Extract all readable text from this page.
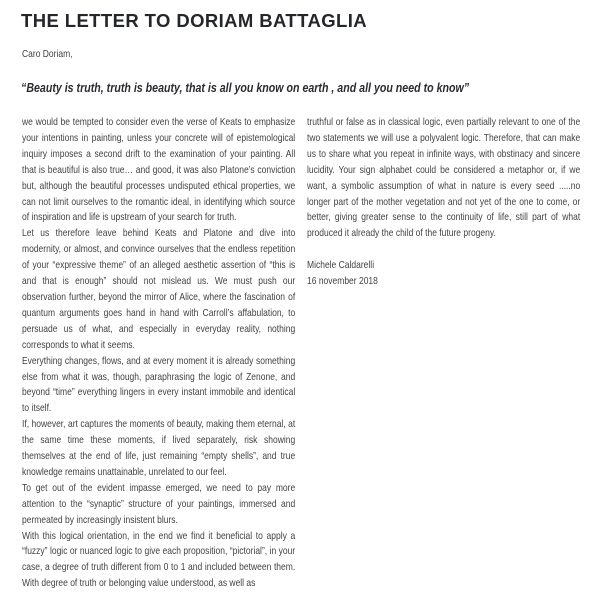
THE LETTER TO DORIAM BATTAGLIA

Caro Doriam,

“Beauty is truth, truth is beauty, that is all you know on earth , and all you need to know”

we would be tempted to consider even the verse of Keats to emphasize your intentions in painting, unless your concrete will of epistemological inquiry imposes a second drift to the examination of your painting. All that is beautiful is also true… and good, it was also Platone’s conviction but, although the beautiful processes undisputed ethical properties, we can not limit ourselves to the romantic ideal, in identifying which source of inspiration and life is upstream of your search for truth.

Let us therefore leave behind Keats and Platone and dive into modernity, or almost, and convince ourselves that the endless repetition of your “expressive theme” of an alleged aesthetic assertion of “this is and that is enough” should not mislead us. We must push our observation further, beyond the mirror of Alice, where the fascination of quantum arguments goes hand in hand with Carroll’s affabulation, to persuade us of what, and especially in everyday reality, nothing corresponds to what it seems.

Everything changes, flows, and at every moment it is already something else from what it was, though, paraphrasing the logic of Zenone, and beyond “time” everything lingers in every instant immobile and identical to itself.

If, however, art captures the moments of beauty, making them eternal, at the same time these moments, if lived separately, risk showing themselves at the end of life, just remaining “empty shells”, and true knowledge remains unattainable, unrelated to our feel.

To get out of the evident impasse emerged, we need to pay more attention to the “synaptic” structure of your paintings, immersed and permeated by increasingly insistent blurs.

With this logical orientation, in the end we find it beneficial to apply a “fuzzy” logic or nuanced logic to give each proposition, “pictorial”, in your case, a degree of truth different from 0 to 1 and included between them. With degree of truth or belonging value understood, as well as

truthful or false as in classical logic, even partially relevant to one of the two statements we will use a polyvalent logic. Therefore, that can make us to share what you repeat in infinite ways, with obstinacy and sincere lucidity. Your sign alphabet could be considered a metaphor or, if we want, a symbolic assumption of what in nature is every seed .....no longer part of the mother vegetation and not yet of the one to come, or better, giving greater sense to the continuity of life, still part of what produced it already the child of the future progeny.

Michele Caldarelli

16 november 2018
